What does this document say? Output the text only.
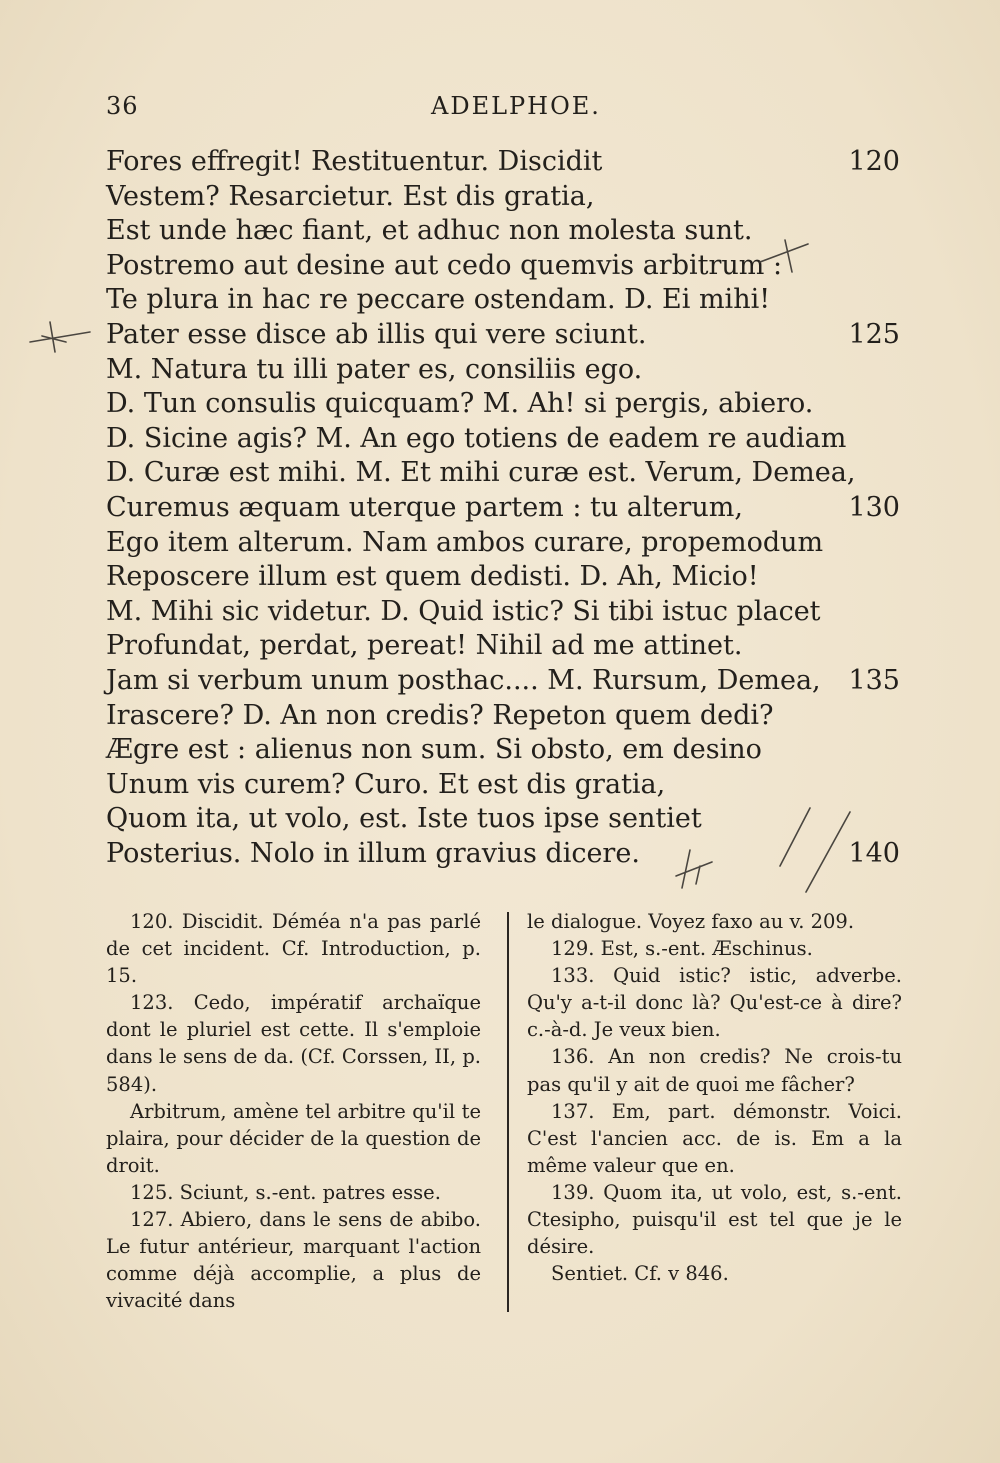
36	ADELPHOE.
Fores effregit! Restituentur. Discidit	120
Vestem? Resarcietur. Est dis gratia,
Est unde hæc fiant, et adhuc non molesta sunt.
Postremo aut desine aut cedo quemvis arbitrum :
Te plura in hac re peccare ostendam. D. Ei mihi!
Pater esse disce ab illis qui vere sciunt.	125
M. Natura tu illi pater es, consiliis ego.
D. Tun consulis quicquam? M. Ah! si pergis, abiero.
D. Sicine agis? M. An ego totiens de eadem re audiam
D. Curæ est mihi. M. Et mihi curæ est. Verum, Demea,
Curemus æquam uterque partem : tu alterum,	130
Ego item alterum. Nam ambos curare, propemodum
Reposcere illum est quem dedisti. D. Ah, Micio!
M. Mihi sic videtur. D. Quid istic? Si tibi istuc placet
Profundat, perdat, pereat! Nihil ad me attinet.
Jam si verbum unum posthac.... M. Rursum, Demea, 135
Irascere? D. An non credis? Repeton quem dedi?
Ægre est : alienus non sum. Si obsto, em desino
Unum vis curem? Curo. Et est dis gratia,
Quom ita, ut volo, est. Iste tuos ipse sentiet
Posterius. Nolo in illum gravius dicere.	140

120. Discidit. Déméa n'a pas parlé de cet incident. Cf. Introduction, p. 15.

123. Cedo, impératif archaïque dont le pluriel est cette. Il s'emploie dans le sens de da. (Cf. Corssen, II, p. 584).

Arbitrum, amène tel arbitre qu'il te plaira, pour décider de la question de droit.

125. Sciunt, s.-ent. patres esse.

127. Abiero, dans le sens de abibo. Le futur antérieur, marquant l'action comme déjà accomplie, a plus de vivacité dans

le dialogue. Voyez faxo au v. 209.

129. Est, s.-ent. Æschinus.

133. Quid istic? istic, adverbe. Qu'y a-t-il donc là? Qu'est-ce à dire? c.-à-d. Je veux bien.

136. An non credis? Ne crois-tu pas qu'il y ait de quoi me fâcher?

137. Em, part. démonstr. Voici. C'est l'ancien acc. de is. Em a la même valeur que en.

139. Quom ita, ut volo, est, s.-ent. Ctesipho, puisqu'il est tel que je le désire.

Sentiet. Cf. v 846.
